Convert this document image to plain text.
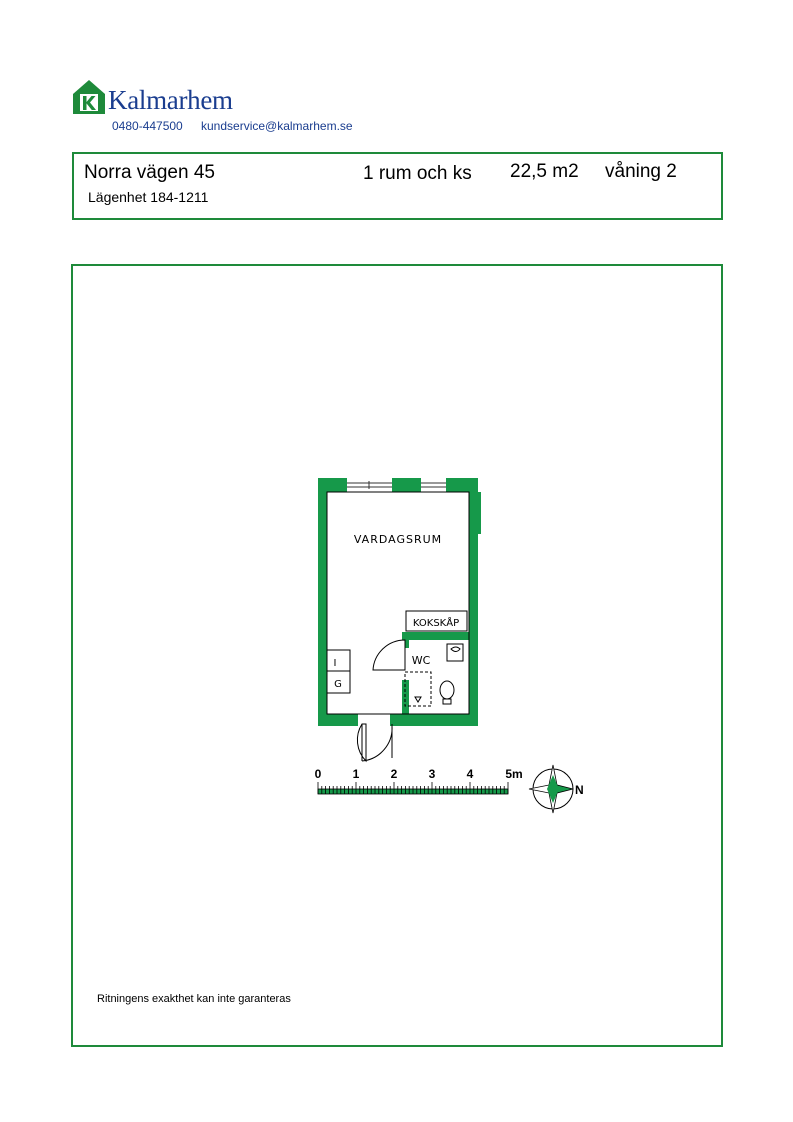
Kalmarhem
0480-447500 kundservice@kalmarhem.se
Norra vägen 45	1 rum och ks 22,5 m2 våning 2
Lägenhet 184-1211
VARDAGSRUM
KOKSKÅP
WC
I
G
0	1	2	3	4	5m
N
Ritningens exakthet kan inte garanteras
